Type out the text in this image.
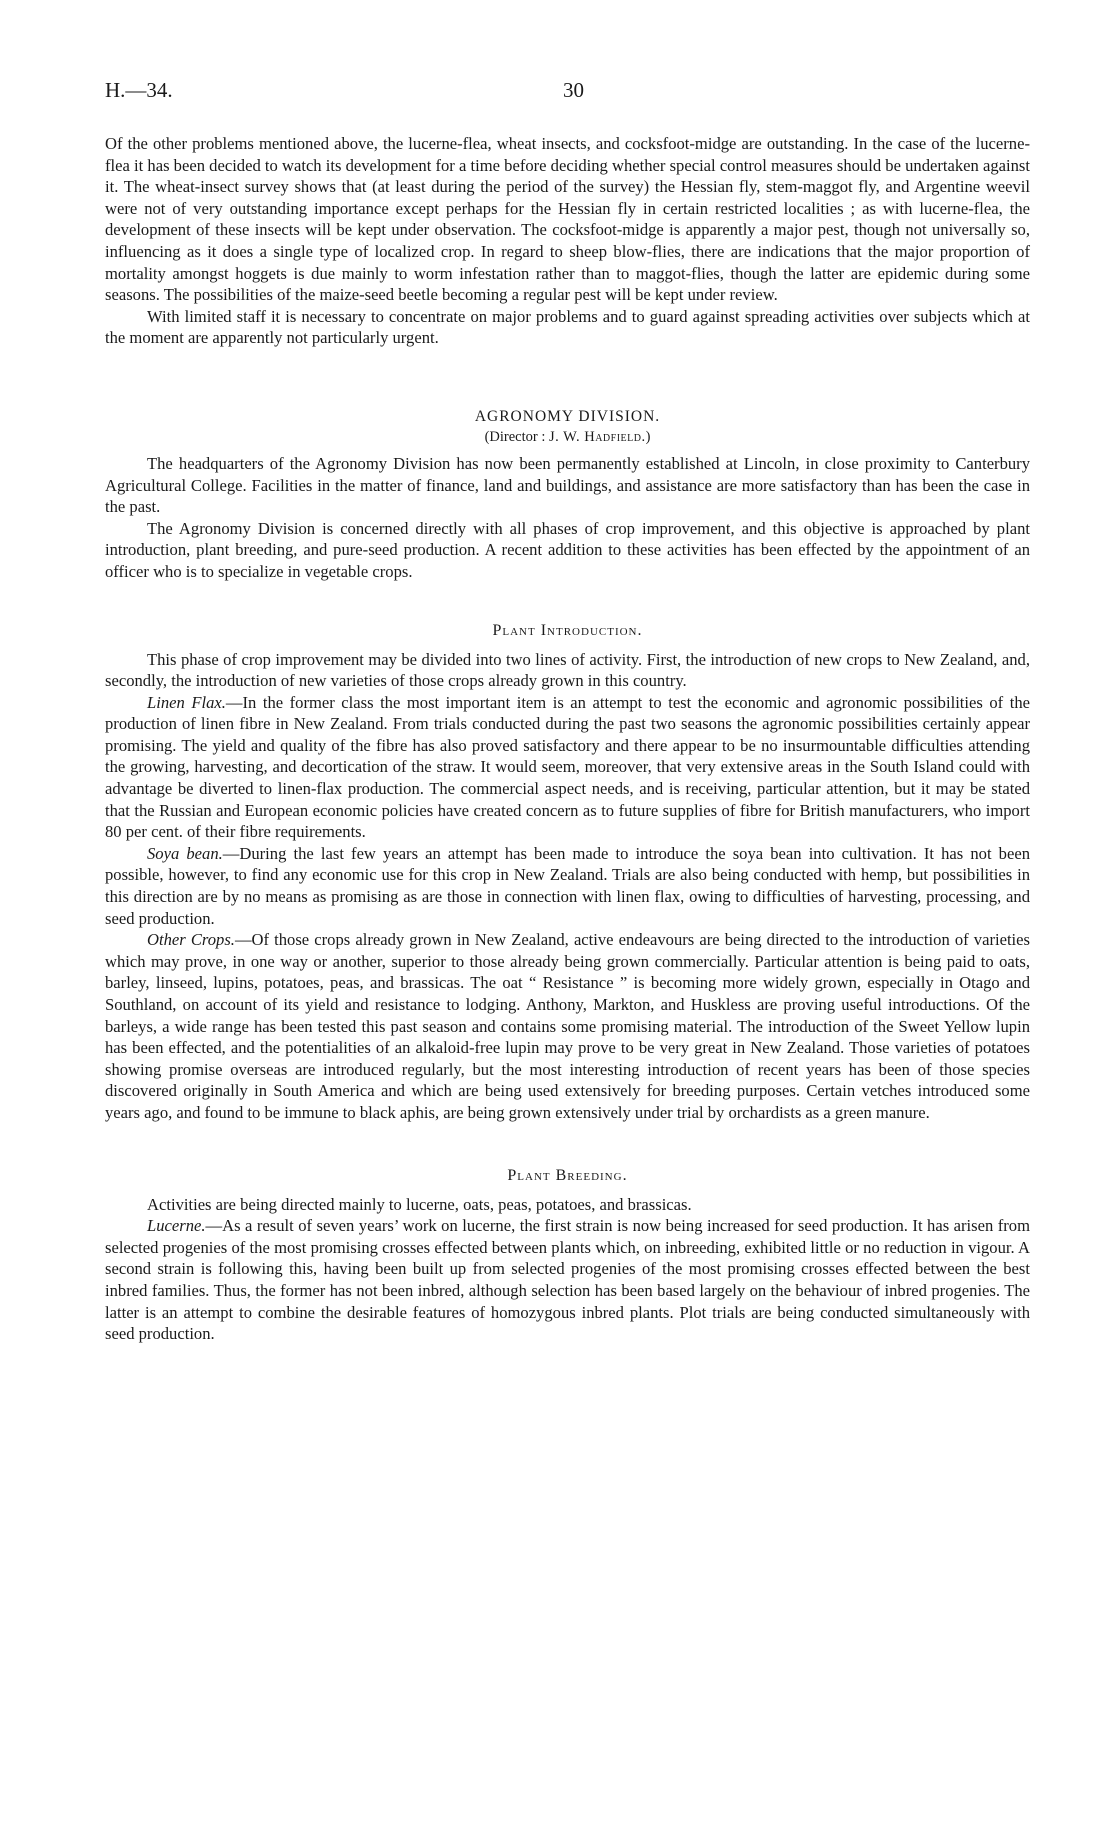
H.—34.	30

Of the other problems mentioned above, the lucerne-flea, wheat insects, and cocksfoot-midge are outstanding. In the case of the lucerne-flea it has been decided to watch its development for a time before deciding whether special control measures should be undertaken against it. The wheat-insect survey shows that (at least during the period of the survey) the Hessian fly, stem-maggot fly, and Argentine weevil were not of very outstanding importance except perhaps for the Hessian fly in certain restricted localities ; as with lucerne-flea, the development of these insects will be kept under observation. The cocksfoot-midge is apparently a major pest, though not universally so, influencing as it does a single type of localized crop. In regard to sheep blow-flies, there are indications that the major proportion of mortality amongst hoggets is due mainly to worm infestation rather than to maggot-flies, though the latter are epidemic during some seasons. The possibilities of the maize-seed beetle becoming a regular pest will be kept under review.

With limited staff it is necessary to concentrate on major problems and to guard against spreading activities over subjects which at the moment are apparently not particularly urgent.

AGRONOMY DIVISION.
(Director : J. W. Hadfield.)

The headquarters of the Agronomy Division has now been permanently established at Lincoln, in close proximity to Canterbury Agricultural College. Facilities in the matter of finance, land and buildings, and assistance are more satisfactory than has been the case in the past.

The Agronomy Division is concerned directly with all phases of crop improvement, and this objective is approached by plant introduction, plant breeding, and pure-seed production. A recent addition to these activities has been effected by the appointment of an officer who is to specialize in vegetable crops.

Plant Introduction.

This phase of crop improvement may be divided into two lines of activity. First, the introduction of new crops to New Zealand, and, secondly, the introduction of new varieties of those crops already grown in this country.

Linen Flax.—In the former class the most important item is an attempt to test the economic and agronomic possibilities of the production of linen fibre in New Zealand. From trials conducted during the past two seasons the agronomic possibilities certainly appear promising. The yield and quality of the fibre has also proved satisfactory and there appear to be no insurmountable difficulties attending the growing, harvesting, and decortication of the straw. It would seem, moreover, that very extensive areas in the South Island could with advantage be diverted to linen-flax production. The commercial aspect needs, and is receiving, particular attention, but it may be stated that the Russian and European economic policies have created concern as to future supplies of fibre for British manufacturers, who import 80 per cent. of their fibre requirements.

Soya bean.—During the last few years an attempt has been made to introduce the soya bean into cultivation. It has not been possible, however, to find any economic use for this crop in New Zealand. Trials are also being conducted with hemp, but possibilities in this direction are by no means as promising as are those in connection with linen flax, owing to difficulties of harvesting, processing, and seed production.

Other Crops.—Of those crops already grown in New Zealand, active endeavours are being directed to the introduction of varieties which may prove, in one way or another, superior to those already being grown commercially. Particular attention is being paid to oats, barley, linseed, lupins, potatoes, peas, and brassicas. The oat “ Resistance ” is becoming more widely grown, especially in Otago and Southland, on account of its yield and resistance to lodging. Anthony, Markton, and Huskless are proving useful introductions. Of the barleys, a wide range has been tested this past season and contains some promising material. The introduction of the Sweet Yellow lupin has been effected, and the potentialities of an alkaloid-free lupin may prove to be very great in New Zealand. Those varieties of potatoes showing promise overseas are introduced regularly, but the most interesting introduction of recent years has been of those species discovered originally in South America and which are being used extensively for breeding purposes. Certain vetches introduced some years ago, and found to be immune to black aphis, are being grown extensively under trial by orchardists as a green manure.

Plant Breeding.

Activities are being directed mainly to lucerne, oats, peas, potatoes, and brassicas.

Lucerne.—As a result of seven years’ work on lucerne, the first strain is now being increased for seed production. It has arisen from selected progenies of the most promising crosses effected between plants which, on inbreeding, exhibited little or no reduction in vigour. A second strain is following this, having been built up from selected progenies of the most promising crosses effected between the best inbred families. Thus, the former has not been inbred, although selection has been based largely on the behaviour of inbred progenies. The latter is an attempt to combine the desirable features of homozygous inbred plants. Plot trials are being conducted simultaneously with seed production.
